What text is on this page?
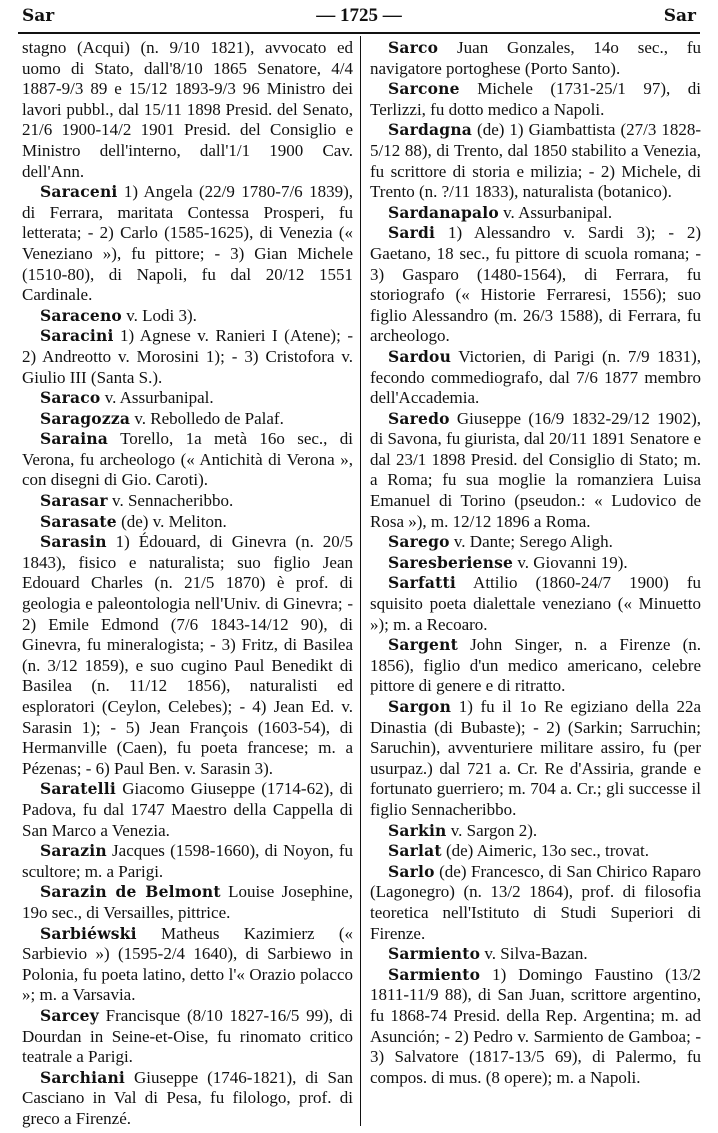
Sar	— 1725 —	Sar

stagno (Acqui) (n. 9/10 1821), avvocato ed uomo di Stato, dall'8/10 1865 Senatore, 4/4 1887-9/3 89 e 15/12 1893-9/3 96 Ministro dei lavori pubbl., dal 15/11 1898 Presid. del Senato, 21/6 1900-14/2 1901 Presid. del Consiglio e Ministro dell'interno, dall'1/1 1900 Cav. dell'Ann.

Saraceni 1) Angela (22/9 1780-7/6 1839), di Ferrara, maritata Contessa Prosperi, fu letterata; - 2) Carlo (1585-1625), di Venezia (« Veneziano »), fu pittore; - 3) Gian Michele (1510-80), di Napoli, fu dal 20/12 1551 Cardinale.

Saraceno v. Lodi 3).

Saracini 1) Agnese v. Ranieri I (Atene); - 2) Andreotto v. Morosini 1); - 3) Cristofora v. Giulio III (Santa S.).

Saraco v. Assurbanipal.

Saragozza v. Rebolledo de Palaf.

Saraina Torello, 1a metà 16o sec., di Verona, fu archeologo (« Antichità di Verona », con disegni di Gio. Caroti).

Sarasar v. Sennacheribbo.

Sarasate (de) v. Meliton.

Sarasin 1) Édouard, di Ginevra (n. 20/5 1843), fisico e naturalista; suo figlio Jean Edouard Charles (n. 21/5 1870) è prof. di geologia e paleontologia nell'Univ. di Ginevra; - 2) Emile Edmond (7/6 1843-14/12 90), di Ginevra, fu mineralogista; - 3) Fritz, di Basilea (n. 3/12 1859), e suo cugino Paul Benedikt di Basilea (n. 11/12 1856), naturalisti ed esploratori (Ceylon, Celebes); - 4) Jean Ed. v. Sarasin 1); - 5) Jean François (1603-54), di Hermanville (Caen), fu poeta francese; m. a Pézenas; - 6) Paul Ben. v. Sarasin 3).

Saratelli Giacomo Giuseppe (1714-62), di Padova, fu dal 1747 Maestro della Cappella di San Marco a Venezia.

Sarazin Jacques (1598-1660), di Noyon, fu scultore; m. a Parigi.

Sarazin de Belmont Louise Josephine, 19o sec., di Versailles, pittrice.

Sarbiéwski Matheus Kazimierz (« Sarbievio ») (1595-2/4 1640), di Sarbiewo in Polonia, fu poeta latino, detto l'« Orazio polacco »; m. a Varsavia.

Sarcey Francisque (8/10 1827-16/5 99), di Dourdan in Seine-et-Oise, fu rinomato critico teatrale a Parigi.

Sarchiani Giuseppe (1746-1821), di San Casciano in Val di Pesa, fu filologo, prof. di greco a Firenzé.

Sarco Juan Gonzales, 14o sec., fu navigatore portoghese (Porto Santo).

Sarcone Michele (1731-25/1 97), di Terlizzi, fu dotto medico a Napoli.

Sardagna (de) 1) Giambattista (27/3 1828-5/12 88), di Trento, dal 1850 stabilito a Venezia, fu scrittore di storia e milizia; - 2) Michele, di Trento (n. ?/11 1833), naturalista (botanico).

Sardanapalo v. Assurbanipal.

Sardi 1) Alessandro v. Sardi 3); - 2) Gaetano, 18 sec., fu pittore di scuola romana; - 3) Gasparo (1480-1564), di Ferrara, fu storiografo (« Historie Ferraresi, 1556); suo figlio Alessandro (m. 26/3 1588), di Ferrara, fu archeologo.

Sardou Victorien, di Parigi (n. 7/9 1831), fecondo commediografo, dal 7/6 1877 membro dell'Accademia.

Saredo Giuseppe (16/9 1832-29/12 1902), di Savona, fu giurista, dal 20/11 1891 Senatore e dal 23/1 1898 Presid. del Consiglio di Stato; m. a Roma; fu sua moglie la romanziera Luisa Emanuel di Torino (pseudon.: « Ludovico de Rosa »), m. 12/12 1896 a Roma.

Sarego v. Dante; Serego Aligh.

Saresberiense v. Giovanni 19).

Sarfatti Attilio (1860-24/7 1900) fu squisito poeta dialettale veneziano (« Minuetto »); m. a Recoaro.

Sargent John Singer, n. a Firenze (n. 1856), figlio d'un medico americano, celebre pittore di genere e di ritratto.

Sargon 1) fu il 1o Re egiziano della 22a Dinastia (di Bubaste); - 2) (Sarkin; Sarruchin; Saruchin), avventuriere militare assiro, fu (per usurpaz.) dal 721 a. Cr. Re d'Assiria, grande e fortunato guerriero; m. 704 a. Cr.; gli successe il figlio Sennacheribbo.

Sarkin v. Sargon 2).

Sarlat (de) Aimeric, 13o sec., trovat.

Sarlo (de) Francesco, di San Chirico Raparo (Lagonegro) (n. 13/2 1864), prof. di filosofia teoretica nell'Istituto di Studi Superiori di Firenze.

Sarmiento v. Silva-Bazan.

Sarmiento 1) Domingo Faustino (13/2 1811-11/9 88), di San Juan, scrittore argentino, fu 1868-74 Presid. della Rep. Argentina; m. ad Asunción; - 2) Pedro v. Sarmiento de Gamboa; - 3) Salvatore (1817-13/5 69), di Palermo, fu compos. di mus. (8 opere); m. a Napoli.
